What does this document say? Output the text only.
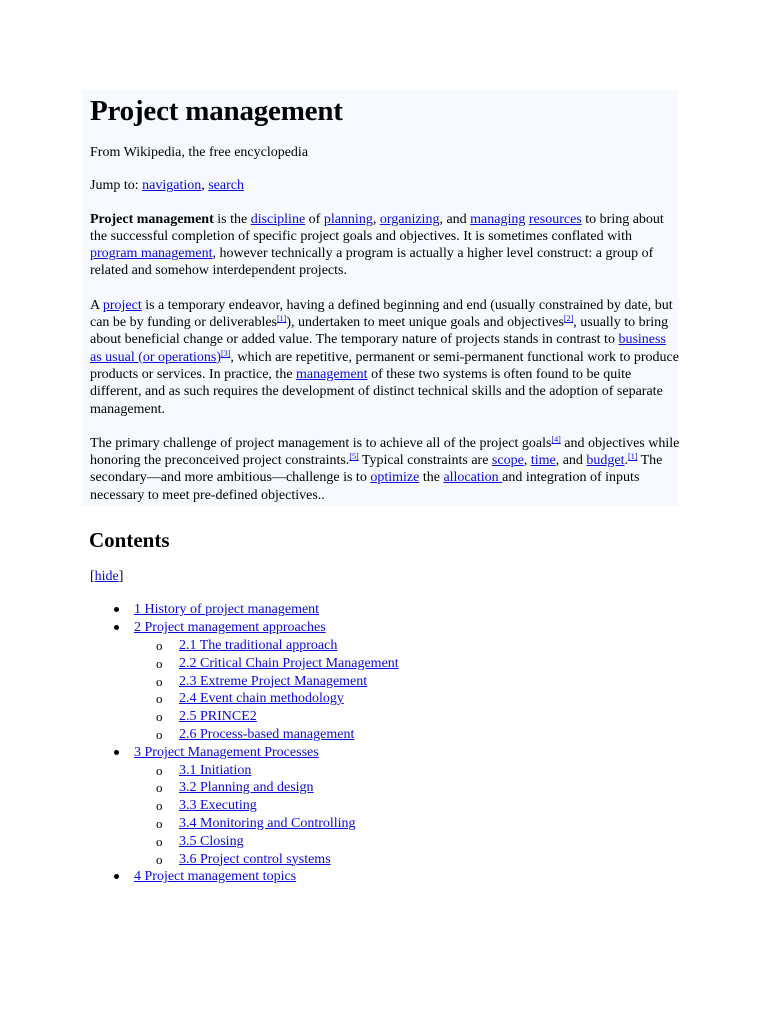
Project management

From Wikipedia, the free encyclopedia

Jump to: navigation, search

Project management is the discipline of planning, organizing, and managing resources to bring about the successful completion of specific project goals and objectives. It is sometimes conflated with program management, however technically a program is actually a higher level construct: a group of related and somehow interdependent projects.

A project is a temporary endeavor, having a defined beginning and end (usually constrained by date, but can be by funding or deliverables[1]), undertaken to meet unique goals and objectives[2], usually to bring about beneficial change or added value. The temporary nature of projects stands in contrast to business as usual (or operations)[3], which are repetitive, permanent or semi-permanent functional work to produce products or services. In practice, the management of these two systems is often found to be quite different, and as such requires the development of distinct technical skills and the adoption of separate management.

The primary challenge of project management is to achieve all of the project goals[4] and objectives while honoring the preconceived project constraints.[5] Typical constraints are scope, time, and budget.[1] The secondary—and more ambitious—challenge is to optimize the allocation and integration of inputs necessary to meet pre-defined objectives..

Contents

[hide]

1 History of project management
2 Project management approaches
o 2.1 The traditional approach
o 2.2 Critical Chain Project Management
o 2.3 Extreme Project Management
o 2.4 Event chain methodology
o 2.5 PRINCE2
o 2.6 Process-based management
3 Project Management Processes
o 3.1 Initiation
o 3.2 Planning and design
o 3.3 Executing
o 3.4 Monitoring and Controlling
o 3.5 Closing
o 3.6 Project control systems
4 Project management topics
